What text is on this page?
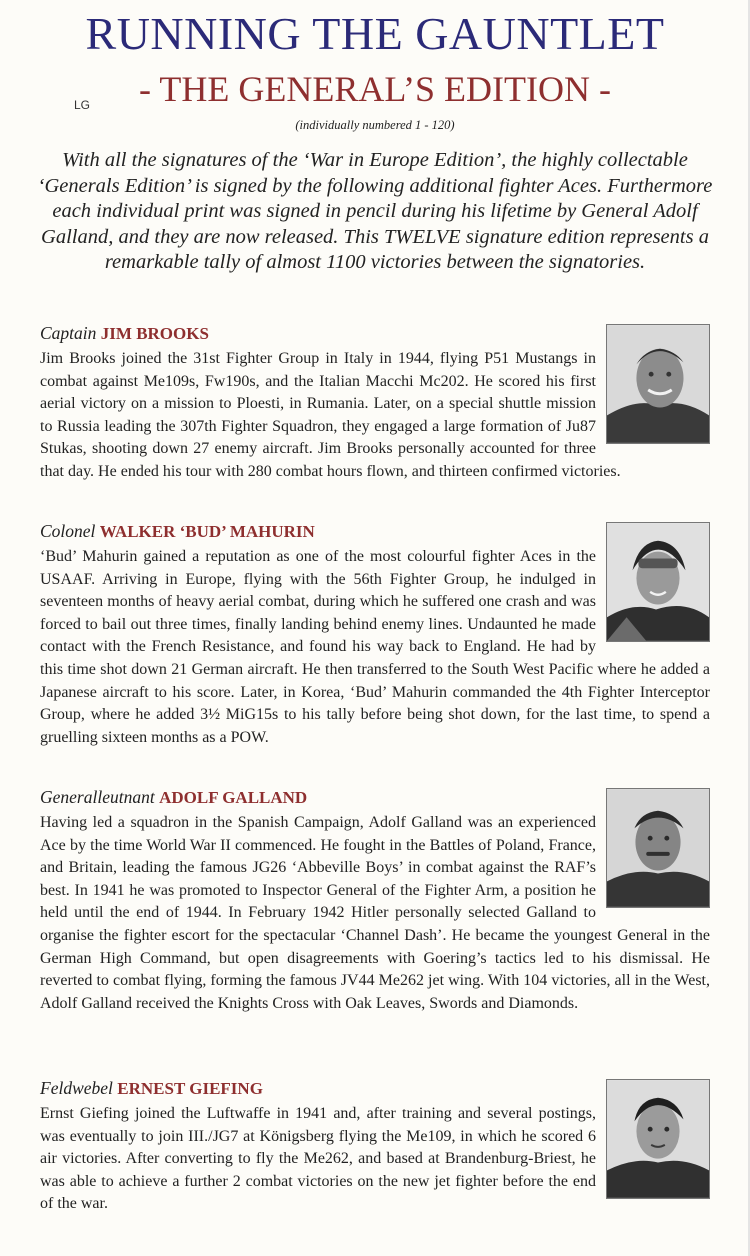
RUNNING THE GAUNTLET
- THE GENERAL’S EDITION -
LG
(individually numbered 1 - 120)

With all the signatures of the ‘War in Europe Edition’, the highly collectable ‘Generals Edition’ is signed by the following additional fighter Aces. Furthermore each individual print was signed in pencil during his lifetime by General Adolf Galland, and they are now released. This TWELVE signature edition represents a remarkable tally of almost 1100 victories between the signatories.

Captain JIM BROOKS

Jim Brooks joined the 31st Fighter Group in Italy in 1944, flying P51 Mustangs in combat against Me109s, Fw190s, and the Italian Macchi Mc202. He scored his first aerial victory on a mission to Ploesti, in Rumania. Later, on a special shuttle mission to Russia leading the 307th Fighter Squadron, they engaged a large formation of Ju87 Stukas, shooting down 27 enemy aircraft. Jim Brooks personally accounted for three that day. He ended his tour with 280 combat hours flown, and thirteen confirmed victories.

Colonel WALKER ‘BUD’ MAHURIN

‘Bud’ Mahurin gained a reputation as one of the most colourful fighter Aces in the USAAF. Arriving in Europe, flying with the 56th Fighter Group, he indulged in seventeen months of heavy aerial combat, during which he suffered one crash and was forced to bail out three times, finally landing behind enemy lines. Undaunted he made contact with the French Resistance, and found his way back to England. He had by this time shot down 21 German aircraft. He then transferred to the South West Pacific where he added a Japanese aircraft to his score. Later, in Korea, ‘Bud’ Mahurin commanded the 4th Fighter Interceptor Group, where he added 3½ MiG15s to his tally before being shot down, for the last time, to spend a gruelling sixteen months as a POW.

Generalleutnant ADOLF GALLAND

Having led a squadron in the Spanish Campaign, Adolf Galland was an experienced Ace by the time World War II commenced. He fought in the Battles of Poland, France, and Britain, leading the famous JG26 ‘Abbeville Boys’ in combat against the RAF’s best. In 1941 he was promoted to Inspector General of the Fighter Arm, a position he held until the end of 1944. In February 1942 Hitler personally selected Galland to organise the fighter escort for the spectacular ‘Channel Dash’. He became the youngest General in the German High Command, but open disagreements with Goering’s tactics led to his dismissal. He reverted to combat flying, forming the famous JV44 Me262 jet wing. With 104 victories, all in the West, Adolf Galland received the Knights Cross with Oak Leaves, Swords and Diamonds.

Feldwebel ERNEST GIEFING

Ernst Giefing joined the Luftwaffe in 1941 and, after training and several postings, was eventually to join III./JG7 at Königsberg flying the Me109, in which he scored 6 air victories. After converting to fly the Me262, and based at Brandenburg-Briest, he was able to achieve a further 2 combat victories on the new jet fighter before the end of the war.
